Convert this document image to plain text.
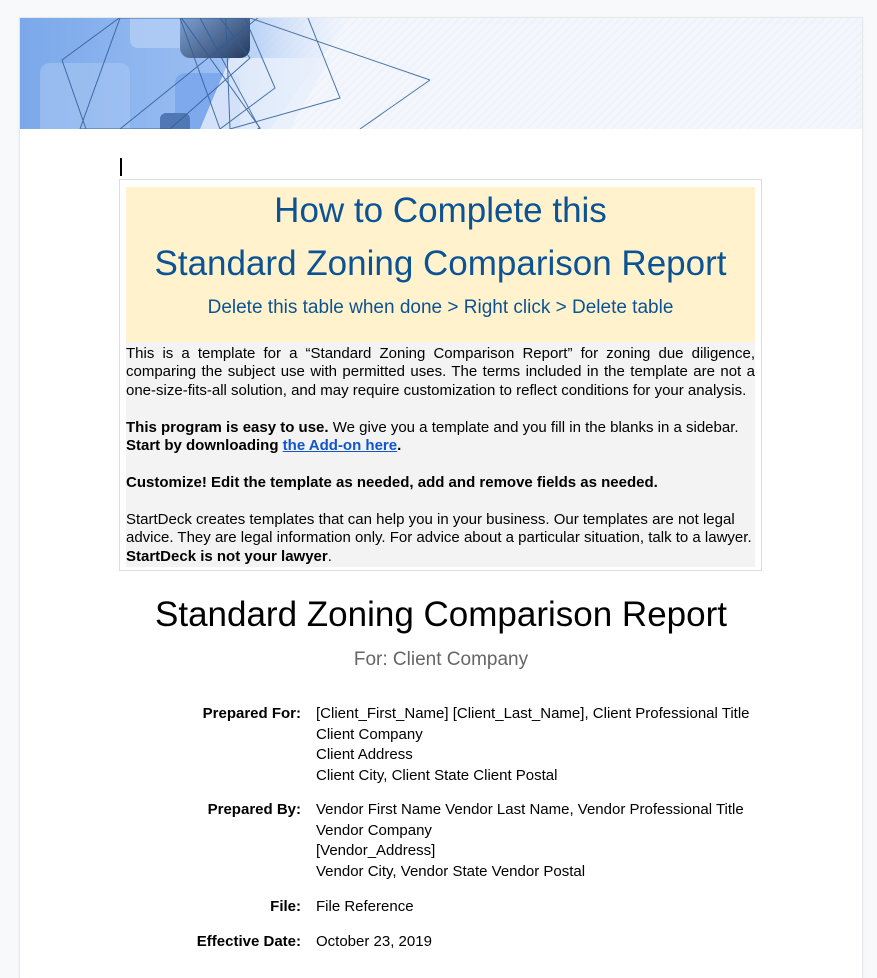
How to Complete this
Standard Zoning Comparison Report
Delete this table when done > Right click > Delete table

This is a template for a “Standard Zoning Comparison Report” for zoning due diligence, comparing the subject use with permitted uses. The terms included in the template are not a one-size-fits-all solution, and may require customization to reflect conditions for your analysis.

This program is easy to use. We give you a template and you fill in the blanks in a sidebar.
Start by downloading the Add-on here.

Customize! Edit the template as needed, add and remove fields as needed.

StartDeck creates templates that can help you in your business. Our templates are not legal advice. They are legal information only. For advice about a particular situation, talk to a lawyer. StartDeck is not your lawyer.

Standard Zoning Comparison Report
For: Client Company
Prepared For: [Client_First_Name] [Client_Last_Name], Client Professional Title
Client Company
Client Address
Client City, Client State Client Postal
Prepared By: Vendor First Name Vendor Last Name, Vendor Professional Title
Vendor Company
[Vendor_Address]
Vendor City, Vendor State Vendor Postal
File: File Reference
Effective Date: October 23, 2019
